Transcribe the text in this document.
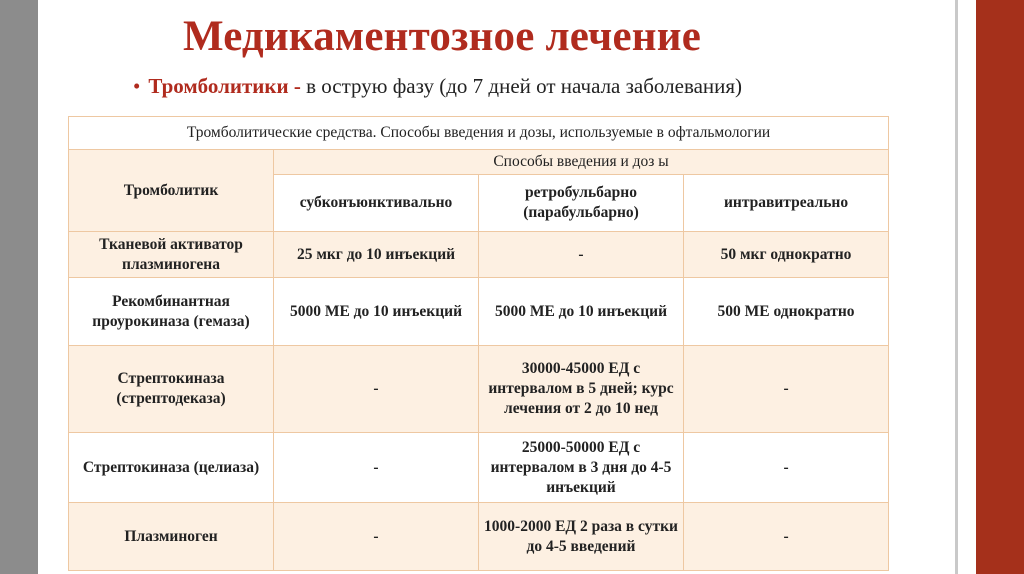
Медикаментозное лечение
• Тромболитики - в острую фазу (до 7 дней от начала заболевания)
Тромболитические средства. Способы введения и дозы, используемые в офтальмологии			
Тромболитик	Способы введения и доз ы		
	субконъюнктивально	ретробульбарно (парабульбарно)	интравитреально
Тканевой активатор плазминогена	25 мкг до 10 инъекций	-	50 мкг однократно
Рекомбинантная проурокиназа (гемаза)	5000 МЕ до 10 инъекций	5000 МЕ до 10 инъекций	500 МЕ однократно
Стрептокиназа (стрептодеказа)	-	30000-45000 ЕД с интервалом в 5 дней; курс лечения от 2 до 10 нед	-
Стрептокиназа (целиаза)	-	25000-50000 ЕД с интервалом в 3 дня до 4-5 инъекций	-
Плазминоген	-	1000-2000 ЕД 2 раза в сутки до 4-5 введений	-
